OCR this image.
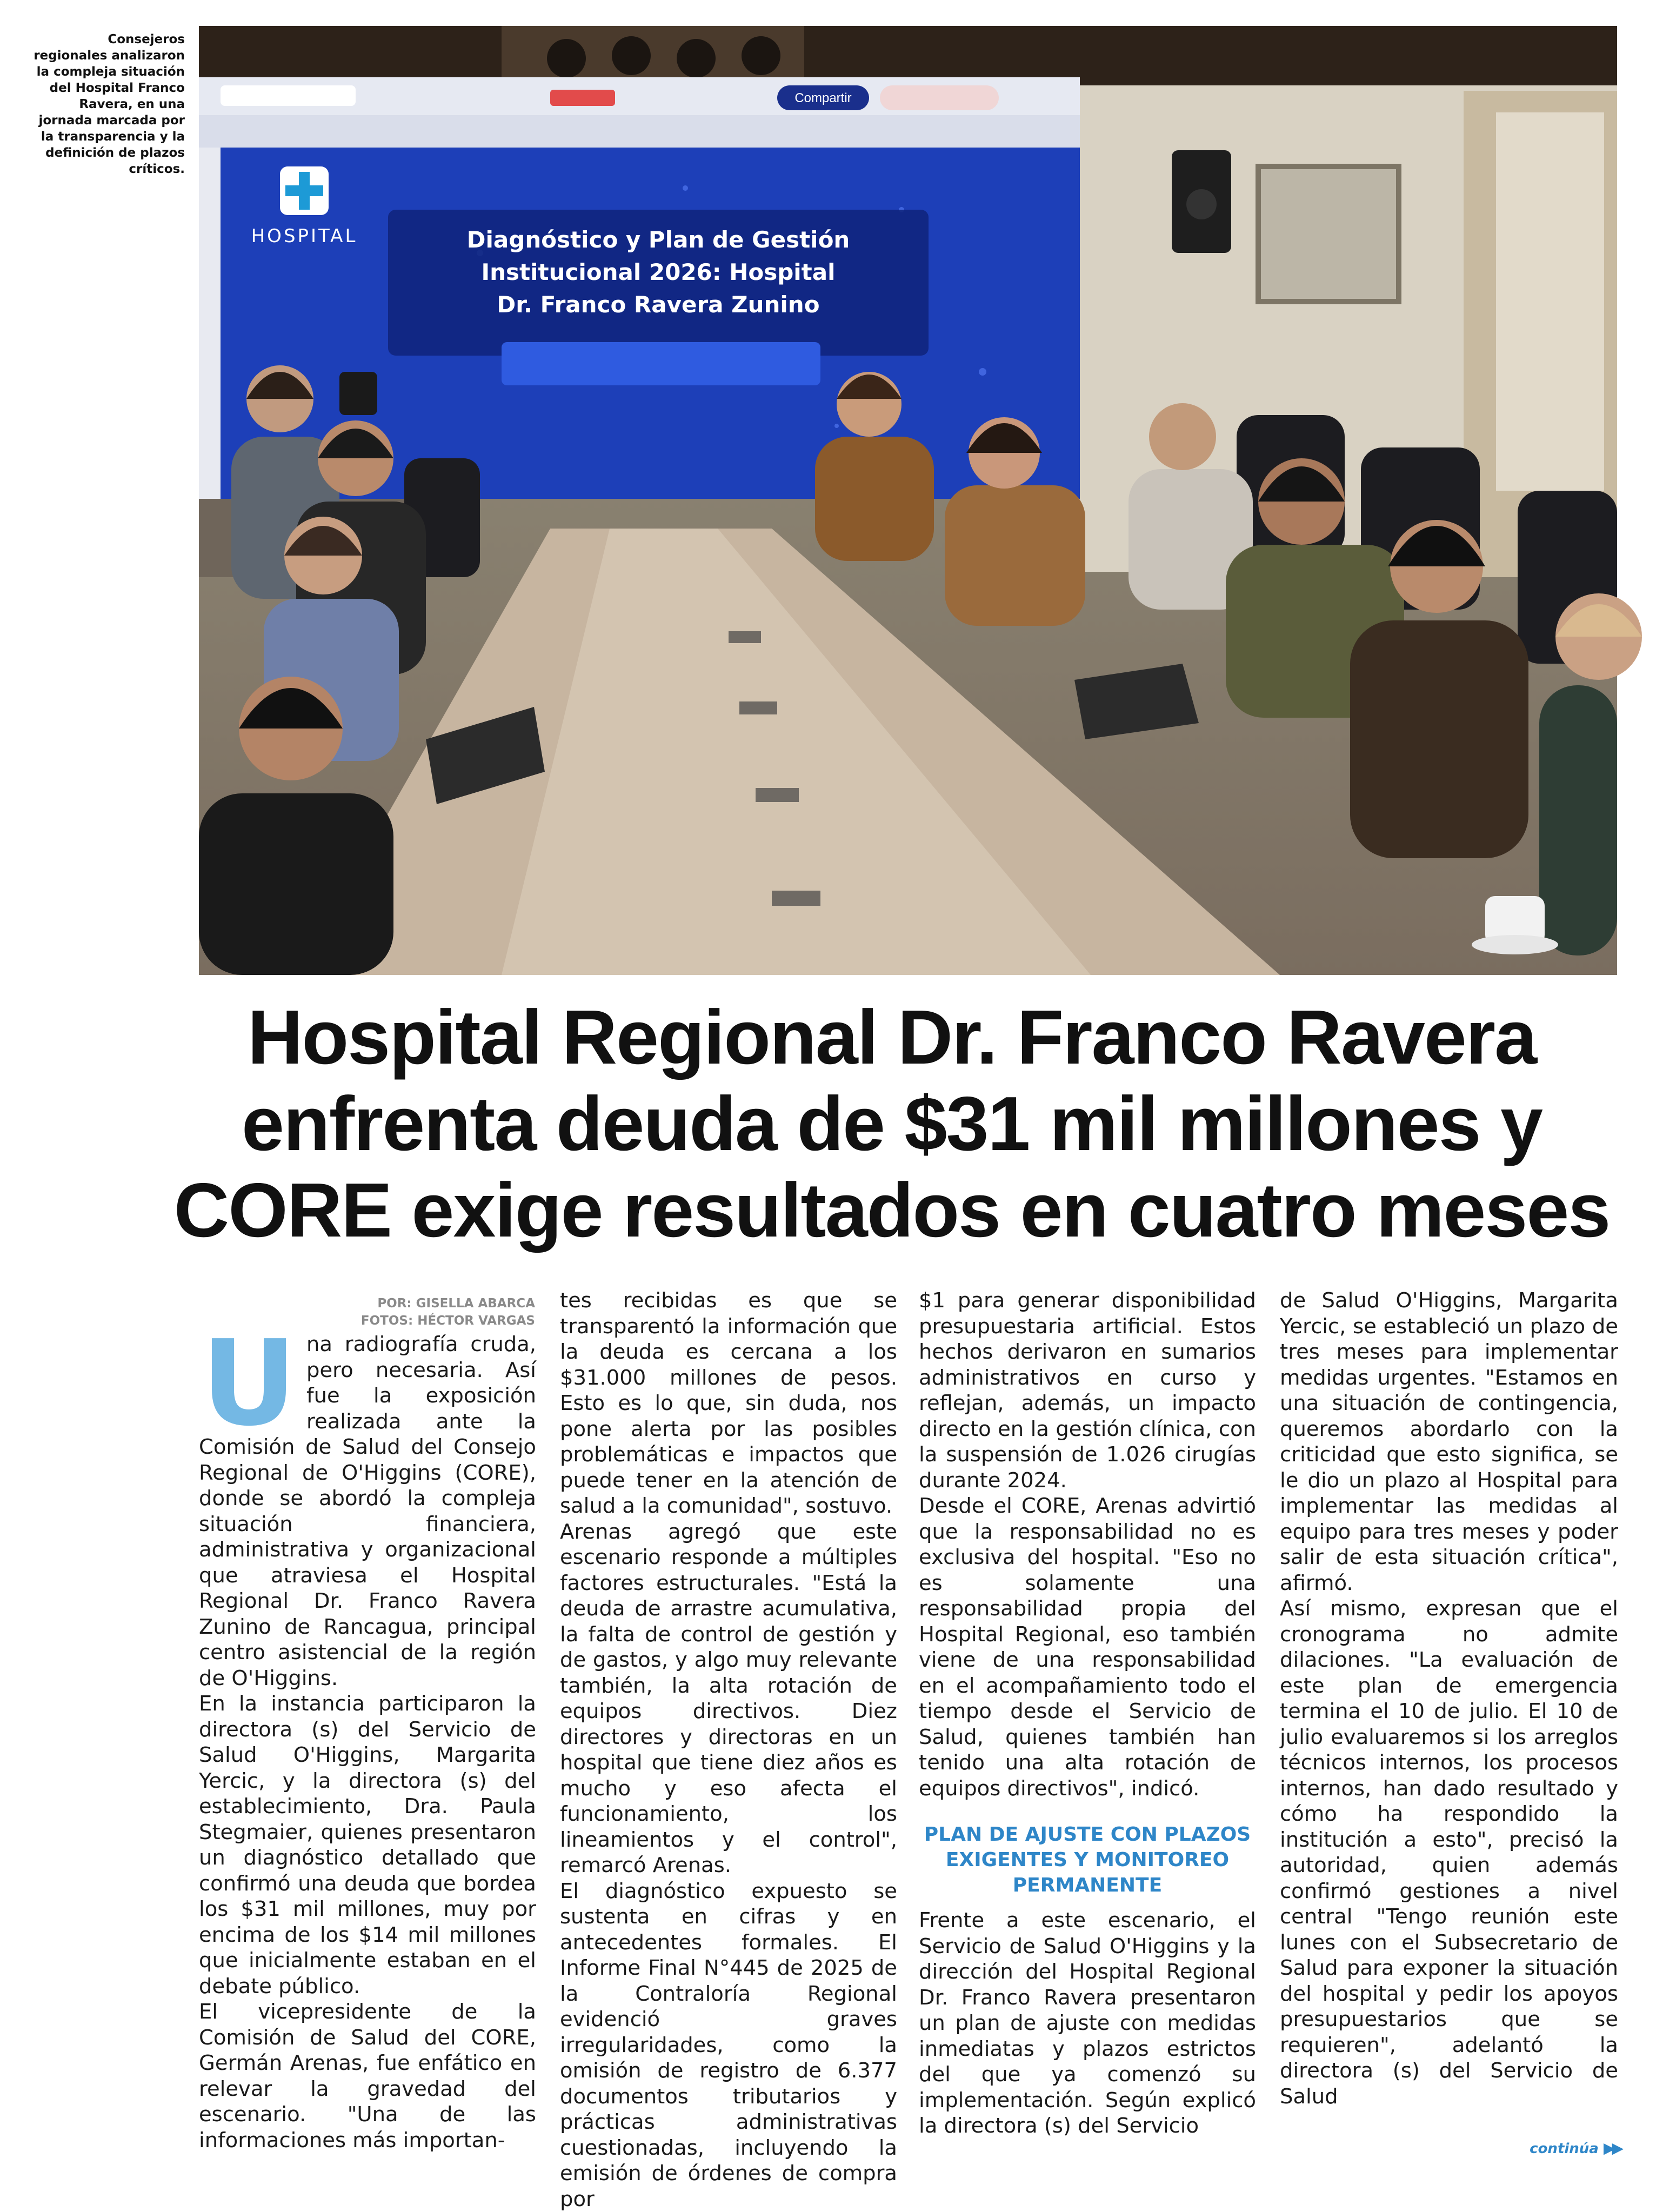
Consejeros regionales analizaron la compleja situación del Hospital Franco Ravera, en una jornada marcada por la transparencia y la definición de plazos críticos.
Compartir
HOSPITAL	Diagnóstico y Plan de Gestión
Institucional 2026: Hospital
Dr. Franco Ravera Zunino
Hospital Regional Dr. Franco Ravera
enfrenta deuda de $31 mil millones y
CORE exige resultados en cuatro meses
POR: GISELLA ABARCA
FOTOS: HÉCTOR VARGAS
U na radiografía cruda, pero necesaria. Así fue la exposición realizada ante la Comisión de Salud del Consejo Regional de O'Higgins (CORE), donde se abordó la compleja situación financiera, administrativa y organizacional que atraviesa el Hospital Regional Dr. Franco Ravera Zunino de Rancagua, principal centro asistencial de la región de O'Higgins.

En la instancia participaron la directora (s) del Servicio de Salud O'Higgins, Margarita Yercic, y la directora (s) del establecimiento, Dra. Paula Stegmaier, quienes presentaron un diagnóstico detallado que confirmó una deuda que bordea los $31 mil millones, muy por encima de los $14 mil millones que inicialmente estaban en el debate público.

El vicepresidente de la Comisión de Salud del CORE, Germán Arenas, fue enfático en relevar la gravedad del escenario. "Una de las informaciones más importan-

tes recibidas es que se transparentó la información que la deuda es cercana a los $31.000 millones de pesos. Esto es lo que, sin duda, nos pone alerta por las posibles problemáticas e impactos que puede tener en la atención de salud a la comunidad", sostuvo.

Arenas agregó que este escenario responde a múltiples factores estructurales. "Está la deuda de arrastre acumulativa, la falta de control de gestión y de gastos, y algo muy relevante también, la alta rotación de equipos directivos. Diez directores y directoras en un hospital que tiene diez años es mucho y eso afecta el funcionamiento, los lineamientos y el control", remarcó Arenas.

El diagnóstico expuesto se sustenta en cifras y en antecedentes formales. El Informe Final N°445 de 2025 de la Contraloría Regional evidenció graves irregularidades, como la omisión de registro de 6.377 documentos tributarios y prácticas administrativas cuestionadas, incluyendo la emisión de órdenes de compra por

$1 para generar disponibilidad presupuestaria artificial. Estos hechos derivaron en sumarios administrativos en curso y reflejan, además, un impacto directo en la gestión clínica, con la suspensión de 1.026 cirugías durante 2024.

Desde el CORE, Arenas advirtió que la responsabilidad no es exclusiva del hospital. "Eso no es solamente una responsabilidad propia del Hospital Regional, eso también viene de una responsabilidad en el acompañamiento todo el tiempo desde el Servicio de Salud, quienes también han tenido una alta rotación de equipos directivos", indicó.

PLAN DE AJUSTE CON PLAZOS EXIGENTES Y MONITOREO PERMANENTE

Frente a este escenario, el Servicio de Salud O'Higgins y la dirección del Hospital Regional Dr. Franco Ravera presentaron un plan de ajuste con medidas inmediatas y plazos estrictos del que ya comenzó su implementación. Según explicó la directora (s) del Servicio

de Salud O'Higgins, Margarita Yercic, se estableció un plazo de tres meses para implementar medidas urgentes. "Estamos en una situación de contingencia, queremos abordarlo con la criticidad que esto significa, se le dio un plazo al Hospital para implementar las medidas al equipo para tres meses y poder salir de esta situación crítica", afirmó.

Así mismo, expresan que el cronograma no admite dilaciones. "La evaluación de este plan de emergencia termina el 10 de julio. El 10 de julio evaluaremos si los arreglos técnicos internos, los procesos internos, han dado resultado y cómo ha respondido la institución a esto", precisó la autoridad, quien además confirmó gestiones a nivel central "Tengo reunión este lunes con el Subsecretario de Salud para exponer la situación del hospital y pedir los apoyos presupuestarios que se requieren", adelantó la directora (s) del Servicio de Salud

continúa ▶▶
